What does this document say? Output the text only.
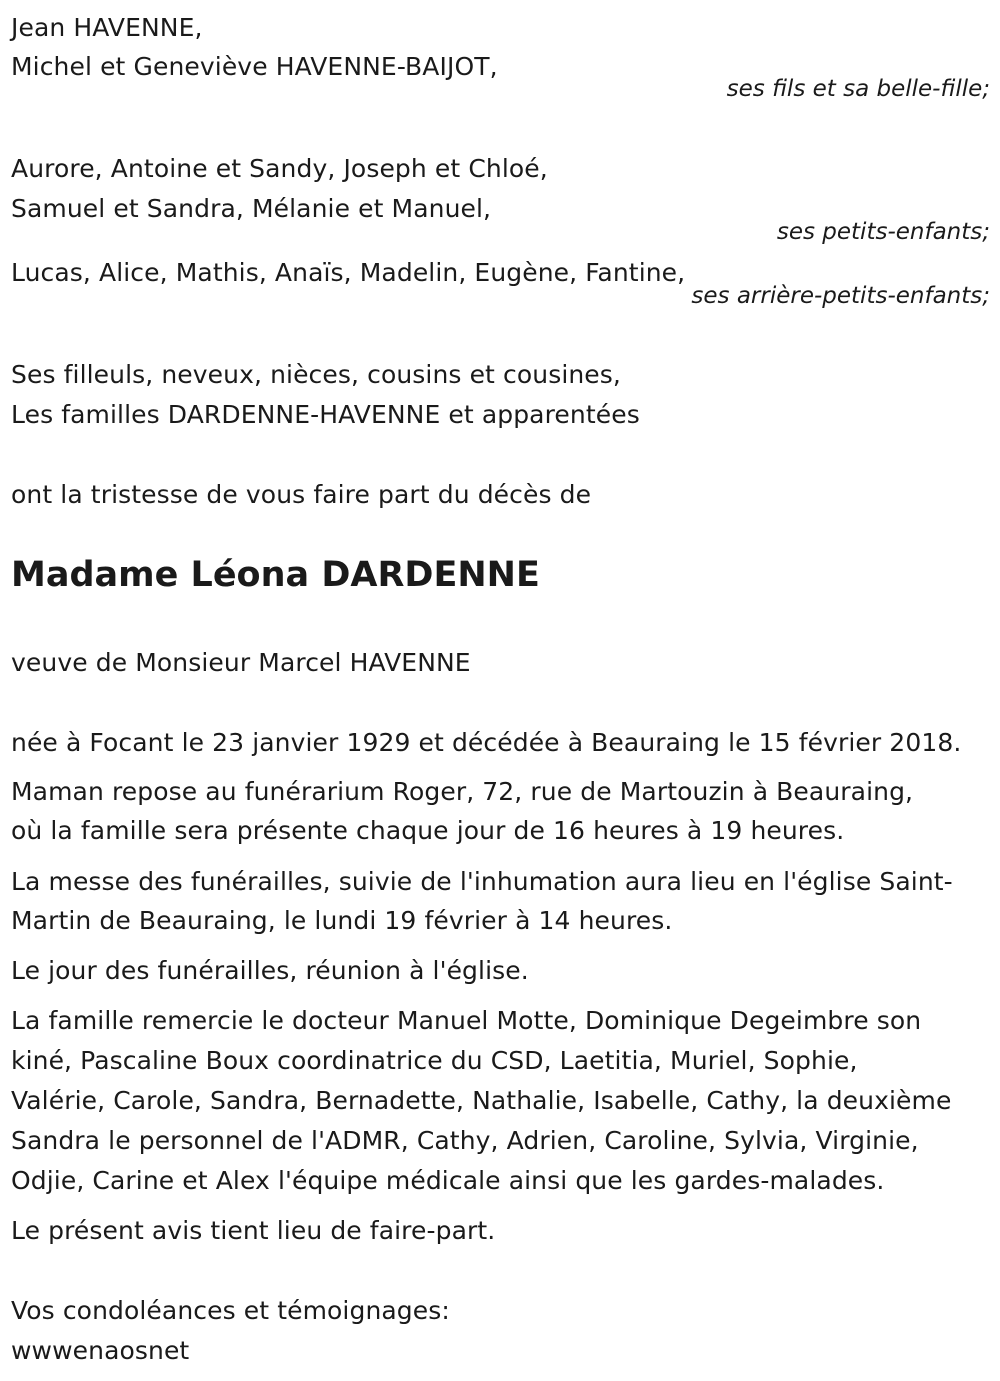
Jean HAVENNE,
Michel et Geneviève HAVENNE-BAIJOT,
ses fils et sa belle-fille;
Aurore, Antoine et Sandy, Joseph et Chloé,
Samuel et Sandra, Mélanie et Manuel,
ses petits-enfants;
Lucas, Alice, Mathis, Anaïs, Madelin, Eugène, Fantine,
ses arrière-petits-enfants;
Ses filleuls, neveux, nièces, cousins et cousines,
Les familles DARDENNE-HAVENNE et apparentées
ont la tristesse de vous faire part du décès de
Madame Léona DARDENNE
veuve de Monsieur Marcel HAVENNE
née à Focant le 23 janvier 1929 et décédée à Beauraing le 15 février 2018.
Maman repose au funérarium Roger, 72, rue de Martouzin à Beauraing,
où la famille sera présente chaque jour de 16 heures à 19 heures.
La messe des funérailles, suivie de l'inhumation aura lieu en l'église Saint-
Martin de Beauraing, le lundi 19 février à 14 heures.
Le jour des funérailles, réunion à l'église.
La famille remercie le docteur Manuel Motte, Dominique Degeimbre son
kiné, Pascaline Boux coordinatrice du CSD, Laetitia, Muriel, Sophie,
Valérie, Carole, Sandra, Bernadette, Nathalie, Isabelle, Cathy, la deuxième
Sandra le personnel de l'ADMR, Cathy, Adrien, Caroline, Sylvia, Virginie,
Odjie, Carine et Alex l'équipe médicale ainsi que les gardes-malades.
Le présent avis tient lieu de faire-part.
Vos condoléances et témoignages:
wwwenaosnet
